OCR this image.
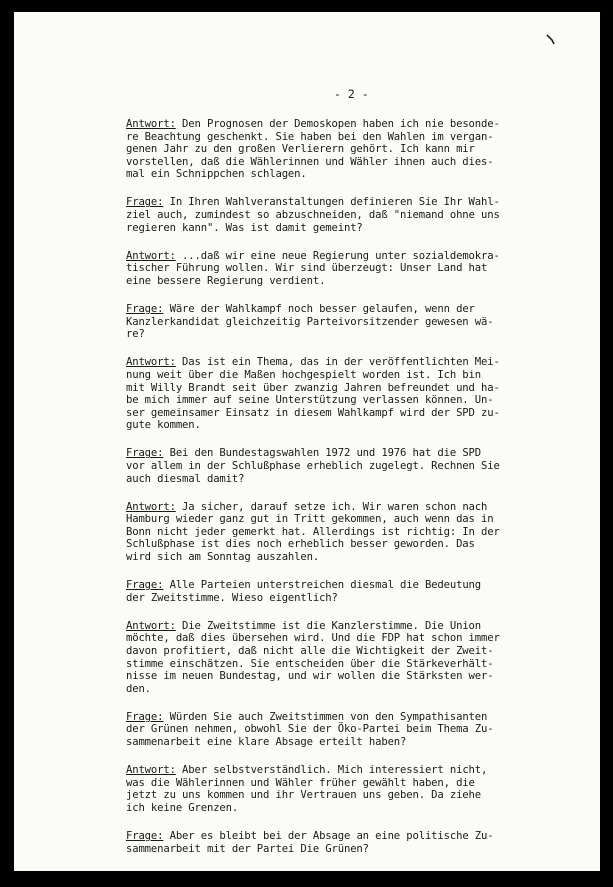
- 2 -
Antwort: Den Prognosen der Demoskopen haben ich nie besonde-
re Beachtung geschenkt. Sie haben bei den Wahlen im vergan-
genen Jahr zu den großen Verlierern gehört. Ich kann mir
vorstellen, daß die Wählerinnen und Wähler ihnen auch dies-
mal ein Schnippchen schlagen.
Frage: In Ihren Wahlveranstaltungen definieren Sie Ihr Wahl-
ziel auch, zumindest so abzuschneiden, daß "niemand ohne uns
regieren kann". Was ist damit gemeint?
Antwort: ...daß wir eine neue Regierung unter sozialdemokra-
tischer Führung wollen. Wir sind überzeugt: Unser Land hat
eine bessere Regierung verdient.
Frage: Wäre der Wahlkampf noch besser gelaufen, wenn der
Kanzlerkandidat gleichzeitig Parteivorsitzender gewesen wä-
re?
Antwort: Das ist ein Thema, das in der veröffentlichten Mei-
nung weit über die Maßen hochgespielt worden ist. Ich bin
mit Willy Brandt seit über zwanzig Jahren befreundet und ha-
be mich immer auf seine Unterstützung verlassen können. Un-
ser gemeinsamer Einsatz in diesem Wahlkampf wird der SPD zu-
gute kommen.
Frage: Bei den Bundestagswahlen 1972 und 1976 hat die SPD
vor allem in der Schlußphase erheblich zugelegt. Rechnen Sie
auch diesmal damit?
Antwort: Ja sicher, darauf setze ich. Wir waren schon nach
Hamburg wieder ganz gut in Tritt gekommen, auch wenn das in
Bonn nicht jeder gemerkt hat. Allerdings ist richtig: In der
Schlußphase ist dies noch erheblich besser geworden. Das
wird sich am Sonntag auszahlen.
Frage: Alle Parteien unterstreichen diesmal die Bedeutung
der Zweitstimme. Wieso eigentlich?
Antwort: Die Zweitstimme ist die Kanzlerstimme. Die Union
möchte, daß dies übersehen wird. Und die FDP hat schon immer
davon profitiert, daß nicht alle die Wichtigkeit der Zweit-
stimme einschätzen. Sie entscheiden über die Stärkeverhält-
nisse im neuen Bundestag, und wir wollen die Stärksten wer-
den.
Frage: Würden Sie auch Zweitstimmen von den Sympathisanten
der Grünen nehmen, obwohl Sie der Öko-Partei beim Thema Zu-
sammenarbeit eine klare Absage erteilt haben?
Antwort: Aber selbstverständlich. Mich interessiert nicht,
was die Wählerinnen und Wähler früher gewählt haben, die
jetzt zu uns kommen und ihr Vertrauen uns geben. Da ziehe
ich keine Grenzen.
Frage: Aber es bleibt bei der Absage an eine politische Zu-
sammenarbeit mit der Partei Die Grünen?
